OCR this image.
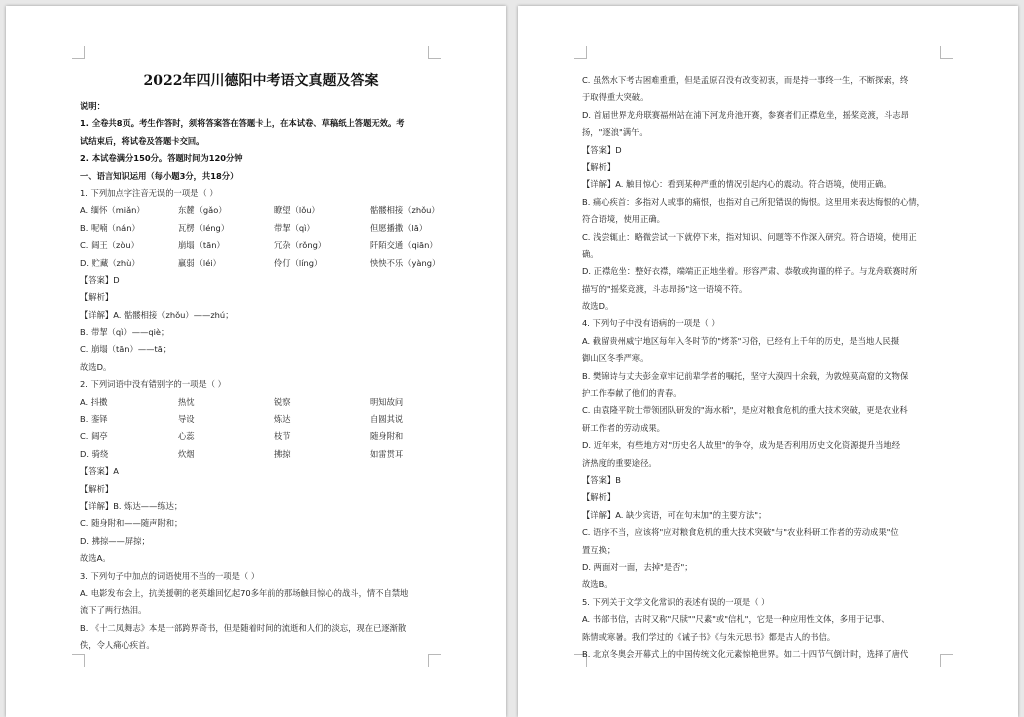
2022年四川德阳中考语文真题及答案
说明：
1. 全卷共8页。考生作答时，须将答案答在答题卡上，在本试卷、草稿纸上答题无效。考
试结束后，将试卷及答题卡交回。
2. 本试卷满分150分。答题时间为120分钟
一、语言知识运用（每小题3分，共18分）
1. 下列加点字注音无误的一项是（ ）
A. 缅怀（miǎn）	东麓（gǎo）	瞭望（lǒu）	骷髅相接（zhǒu）
B. 呢喃（nán）	瓦楞（léng）	带挈（qì）	但愿播撒（lā）
C. 阔王（zòu）	崩塌（tān）	冗杂（rǒng）	阡陌交通（qiān）
D. 贮藏（zhù）	羸弱（léi）	伶仃（líng）	怏怏不乐（yàng）
【答案】D
【解析】
【详解】A. 骷髅相接（zhǒu）——zhú；
B. 带挈（qì）——qiè；
C. 崩塌（tān）——tā；
故选D。
2. 下列词语中没有错别字的一项是（ ）
A. 抖擞	热忱	锐察	明知故问
B. 銮铎	导设	炼达	自圆其说
C. 阔亭	心蕊	枝节	随身附和
D. 骑绕	炊烟	拂掠	如雷贯耳
【答案】A
【解析】
【详解】B. 炼达——练达；
C. 随身附和——随声附和；
D. 拂掠——屏掠；
故选A。
3. 下列句子中加点的词语使用不当的一项是（ ）
A. 电影发布会上，抗美援朝的老英雄回忆起70多年前的那场触目惊心的战斗，情不自禁地
流下了两行热泪。
B. 《十二凤舞志》本是一部跨界奇书，但是随着时间的流逝和人们的淡忘，现在已逐渐散
佚，令人痛心疾首。
C. 虽然水下考古困难重重，但是孟原召没有改变初衷，而是持一事终一生，不断探索，终
于取得重大突破。
D. 首届世界龙舟联赛福州站在浦下河龙舟池开赛，参赛者们正襟危坐，摇桨竞渡，斗志昂
扬，"逐浪"满午。
【答案】D
【解析】
【详解】A. 触目惊心：看到某种严重的情况引起内心的震动。符合语境，使用正确。
B. 痛心疾首：多指对人或事的痛恨，也指对自己所犯错误的悔恨。这里用来表达悔恨的心情，
符合语境，使用正确。
C. 浅尝辄止：略微尝试一下就停下来，指对知识、问题等不作深入研究。符合语境，使用正
确。
D. 正襟危坐：整好衣襟，端端正正地坐着。形容严肃、恭敬或拘谨的样子。与龙舟联赛时所
描写的"摇桨竞渡，斗志昂扬"这一语境不符。
故选D。
4. 下列句子中没有语病的一项是（ ）
A. 截留贵州威宁地区每年入冬时节的"烤茶"习俗，已经有上千年的历史，是当地人民摄
御山区冬季严寒。
B. 樊锦诗与丈夫彭金章牢记前辈学者的嘱托，坚守大漠四十余载，为敦煌莫高窟的文物保
护工作奉献了他们的青春。
C. 由袁隆平院士带领团队研发的"海水稻"，是应对粮食危机的重大技术突破，更是农业科
研工作者的劳动成果。
D. 近年来，有些地方对"历史名人故里"的争夺，成为是否利用历史文化资源提升当地经
济热度的重要途径。
【答案】B
【解析】
【详解】A. 缺少宾语，可在句末加"的主要方法"；
C. 语序不当，应该将"应对粮食危机的重大技术突破"与"农业科研工作者的劳动成果"位
置互换；
D. 两面对一面，去掉"是否"；
故选B。
5. 下列关于文学文化常识的表述有误的一项是（ ）
A. 书部书信，古时又称"尺牍""尺素"或"信札"，它是一种应用性文体，多用于记事、
陈情或寒暑。我们学过的《诫子书》《与朱元思书》都是古人的书信。
B. 北京冬奥会开幕式上的中国传统文化元素惊艳世界。如二十四节气倒计时，选择了唐代
